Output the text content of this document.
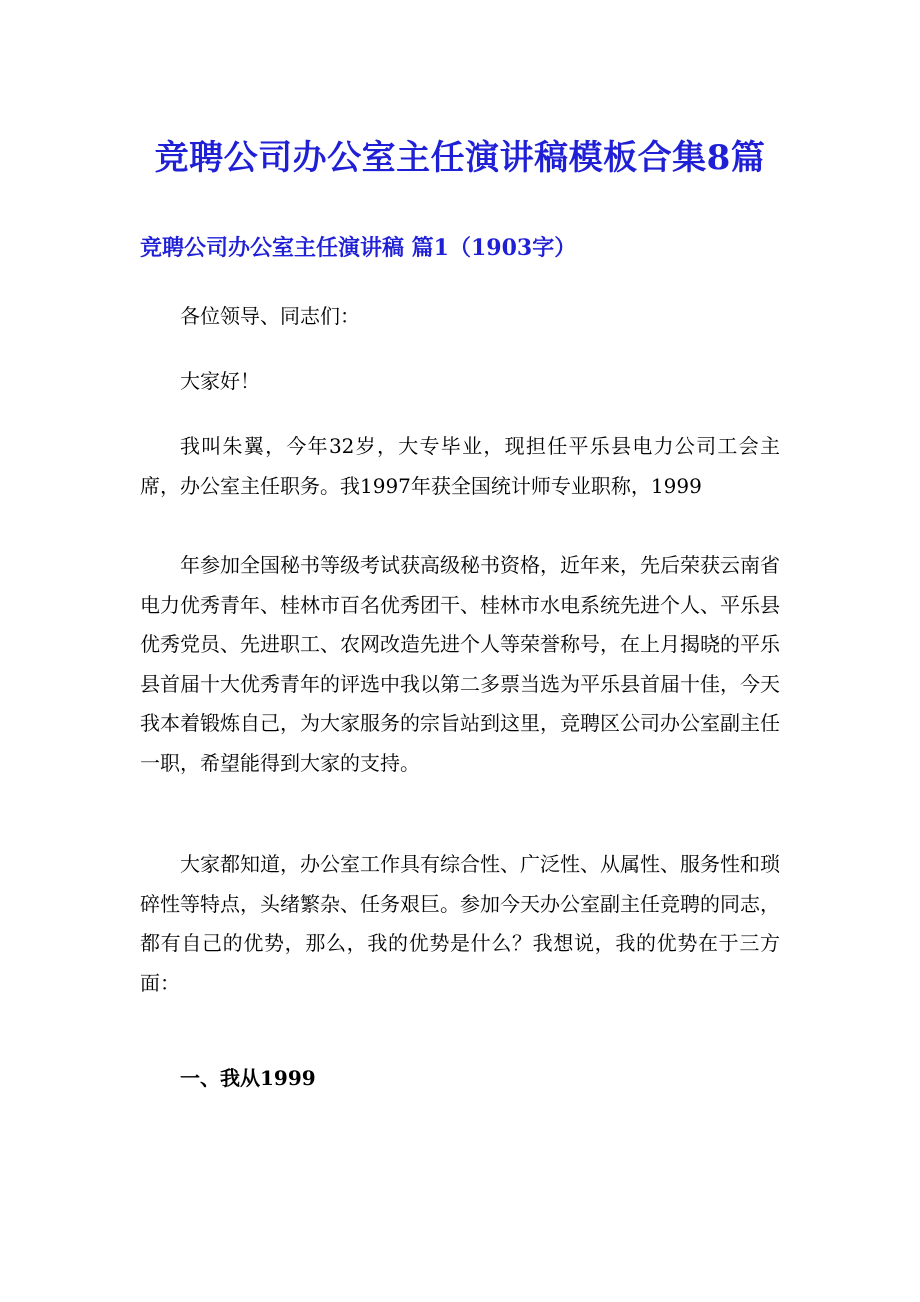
竞聘公司办公室主任演讲稿模板合集8篇
竞聘公司办公室主任演讲稿 篇1（1903字）
各位领导、同志们：
大家好！
我叫朱翼，今年32岁，大专毕业，现担任平乐县电力公司工会主席，办公室主任职务。我1997年获全国统计师专业职称，1999
年参加全国秘书等级考试获高级秘书资格，近年来，先后荣获云南省电力优秀青年、桂林市百名优秀团干、桂林市水电系统先进个人、平乐县优秀党员、先进职工、农网改造先进个人等荣誉称号，在上月揭晓的平乐县首届十大优秀青年的评选中我以第二多票当选为平乐县首届十佳，今天我本着锻炼自己，为大家服务的宗旨站到这里，竞聘区公司办公室副主任一职，希望能得到大家的支持。
大家都知道，办公室工作具有综合性、广泛性、从属性、服务性和琐碎性等特点，头绪繁杂、任务艰巨。参加今天办公室副主任竞聘的同志，都有自己的优势，那么，我的优势是什么？我想说，我的优势在于三方面：
一、我从1999
